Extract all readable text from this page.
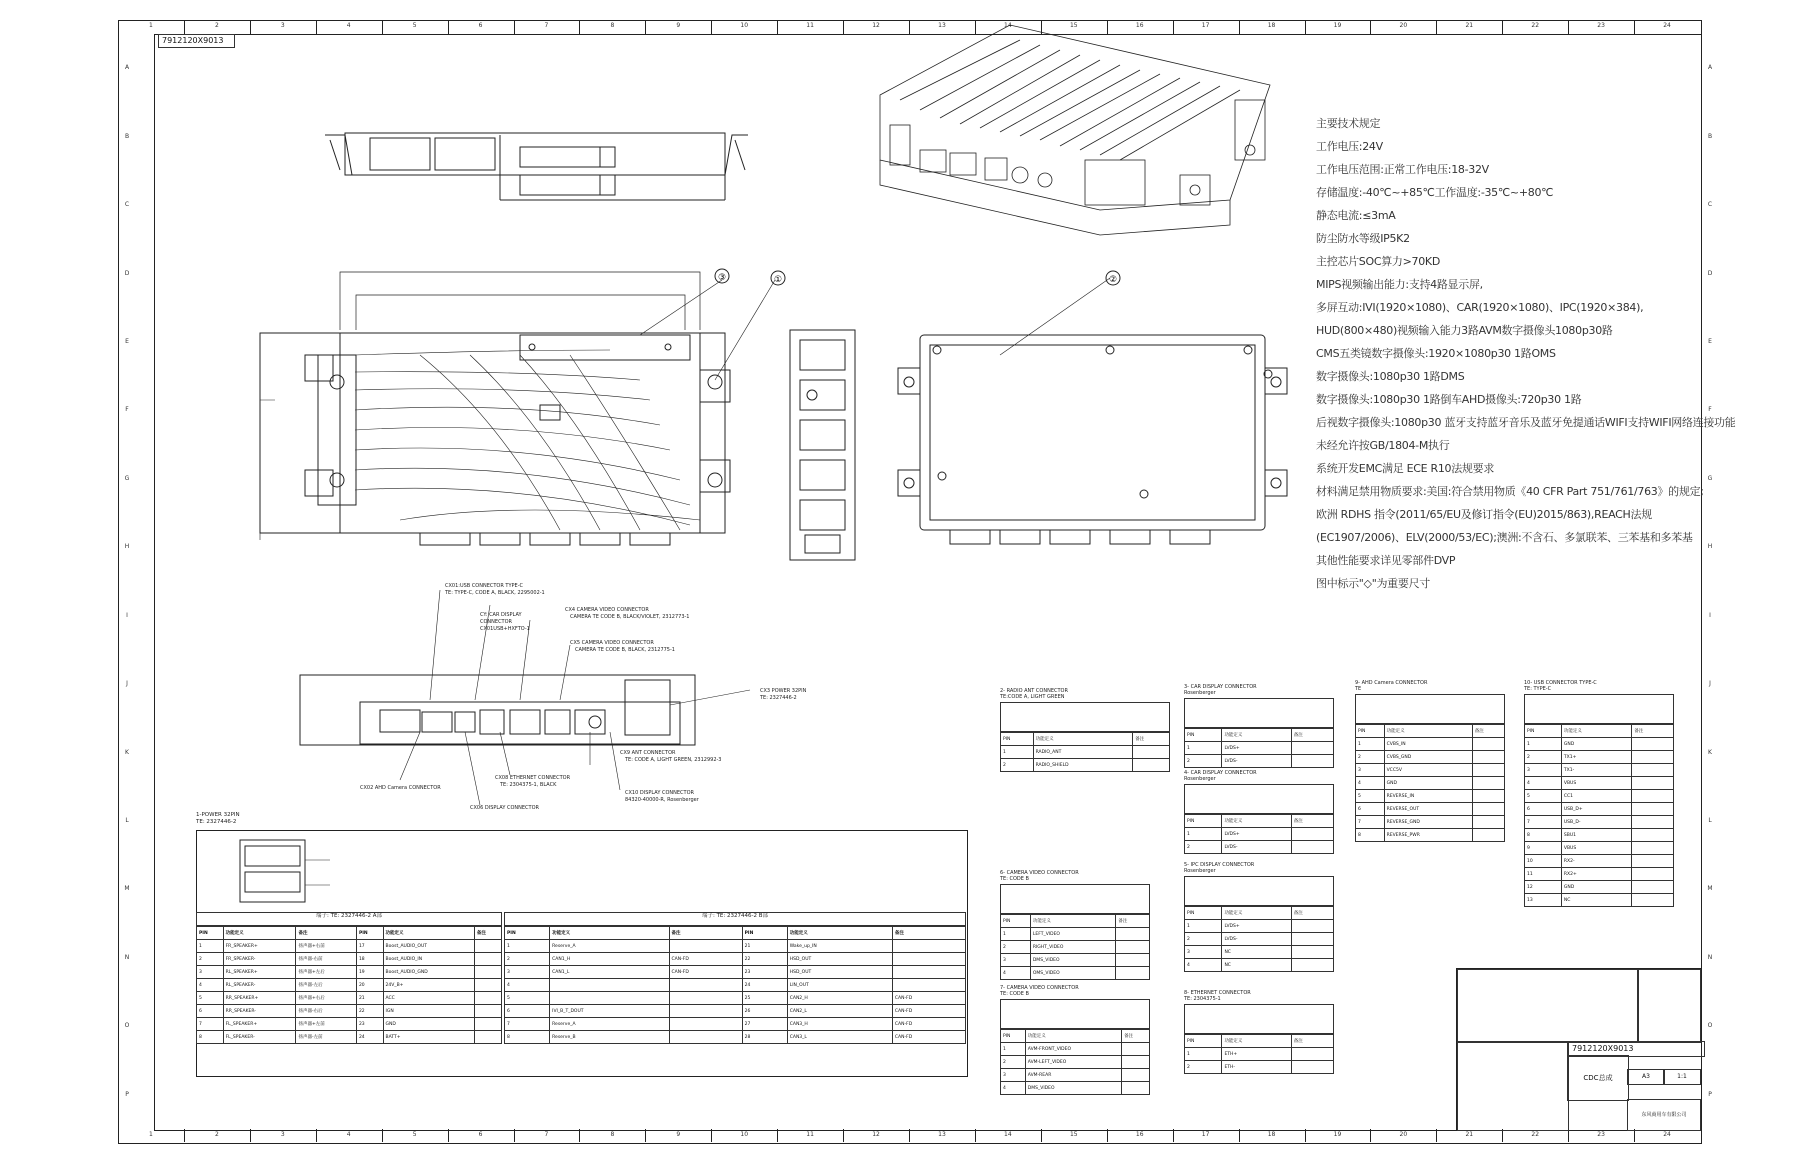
1	2	3	4	5	6	7	8	9	10	11	12	13	14	15	16	17	18	19	20	21	22	23	24
1	2	3	4	5	6	7	8	9	10	11	12	13	14	15	16	17	18	19	20	21	22	23	24
A
B
C
D
E
F
G
H
I
J
K
L
M
N
O
P
A
B
C
D
E
F
G
H
I
J
K
L
M
N
O
P
7912120X9013
③	①	②
CX01:USB CONNECTOR TYPE-C
TE: TYPE-C, CODE A, BLACK, 2295002-1
CY: CAR DISPLAY
CONNECTOR
CX01USB+HXFTO-1
CX4 CAMERA VIDEO CONNECTOR
CAMERA TE CODE B, BLACK/VIOLET, 2312773-1
CX5 CAMERA VIDEO CONNECTOR
CAMERA TE CODE B, BLACK, 2312775-1
CX3 POWER 32PIN
TE: 2327446-2
CX08 ETHERNET CONNECTOR
TE: 2304375-1, BLACK
CX9 ANT CONNECTOR
TE: CODE A, LIGHT GREEN, 2312992-3
CX10 DISPLAY CONNECTOR
84320-40000-R, Rosenberger
CX06 DISPLAY CONNECTOR
CX02 AHD Camera CONNECTOR
主要技术规定
工作电压:24V
工作电压范围:正常工作电压:18-32V
存储温度:-40℃~+85℃工作温度:-35℃~+80℃
静态电流:≤3mA
防尘防水等级IP5K2
主控芯片SOC算力>70KD
MIPS视频输出能力:支持4路显示屏,
多屏互动:IVI(1920×1080)、CAR(1920×1080)、IPC(1920×384),
HUD(800×480)视频输入能力3路AVM数字摄像头1080p30路
CMS五类镜数字摄像头:1920×1080p30 1路OMS
数字摄像头:1080p30 1路DMS
数字摄像头:1080p30 1路倒车AHD摄像头:720p30 1路
后视数字摄像头:1080p30 蓝牙支持蓝牙音乐及蓝牙免提通话WIFI支持WIFI网络连接功能
未经允许按GB/1804-M执行
系统开发EMC满足 ECE R10法规要求
材料满足禁用物质要求:美国:符合禁用物质《40 CFR Part 751/761/763》的规定;
欧洲 RDHS 指令(2011/65/EU及修订指令(EU)2015/863),REACH法规
(EC1907/2006)、ELV(2000/53/EC);澳洲:不含石、多氯联苯、三苯基和多苯基
其他性能要求详见零部件DVP
图中标示"◇"为重要尺寸
1-POWER 32PIN
TE: 2327446-2
端子: TE: 2327446-2 A部
PIN	功能定义	备注	PIN	功能定义	备注
1	FR_SPEAKER+	扬声器+右前	17	Boost_AUDIO_OUT	
2	FR_SPEAKER-	扬声器-右前	18	Boost_AUDIO_IN	
3	RL_SPEAKER+	扬声器+左后	19	Boost_AUDIO_GND	
4	RL_SPEAKER-	扬声器-左后	20	24V_B+	
5	RR_SPEAKER+	扬声器+右后	21	ACC	
6	RR_SPEAKER-	扬声器-右后	22	IGN	
7	FL_SPEAKER+	扬声器+左前	23	GND	
8	FL_SPEAKER-	扬声器-左前	24	BATT+	
端子: TE: 2327446-2 B部
PIN	功能定义	备注	PIN	功能定义	备注
1	Reserve_A		21	Wake_up_IN	
2	CAN1_H	CAN-FD	22	HSD_OUT	
3	CAN1_L	CAN-FD	23	HSD_OUT	
4			24	LIN_OUT	
5			25	CAN2_H	CAN-FD
6	IVI_B_T_DOUT		26	CAN2_L	CAN-FD
7	Reserve_A		27	CAN3_H	CAN-FD
8	Reserve_B		28	CAN3_L	CAN-FD
2- RADIO ANT CONNECTOR
TE:CODE A, LIGHT GREEN
PIN	功能定义	备注
1	RADIO_ANT	
2	RADIO_SHIELD	
3- CAR DISPLAY CONNECTOR
Rosenberger
PIN	功能定义	备注
1	LVDS+	
2	LVDS-	
4- CAR DISPLAY CONNECTOR
Rosenberger
PIN	功能定义	备注
1	LVDS+	
2	LVDS-	
5- IPC DISPLAY CONNECTOR
Rosenberger
PIN	功能定义	备注
1	LVDS+	
2	LVDS-	
3	NC	
4	NC	
6- CAMERA VIDEO CONNECTOR
TE: CODE B
PIN	功能定义	备注
1	LEFT_VIDEO	
2	RIGHT_VIDEO	
3	DMS_VIDEO	
4	OMS_VIDEO	
7- CAMERA VIDEO CONNECTOR
TE: CODE B
PIN	功能定义	备注
1	AVM-FRONT_VIDEO	
2	AVM-LEFT_VIDEO	
3	AVM-REAR	
4	DMS_VIDEO	
8- ETHERNET CONNECTOR
TE: 2304375-1
PIN	功能定义	备注
1	ETH+	
2	ETH-	
9- AHD Camera CONNECTOR
TE
PIN	功能定义	备注
1	CVBS_IN	
2	CVBS_GND	
3	VCC5V	
4	GND	
5	REVERSE_IN	
6	REVERSE_OUT	
7	REVERSE_GND	
8	REVERSE_PWR	
10- USB CONNECTOR TYPE-C
TE: TYPE-C
PIN	功能定义	备注
1	GND	
2	TX1+	
3	TX1-	
4	VBUS	
5	CC1	
6	USB_D+	
7	USB_D-	
8	SBU1	
9	VBUS	
10	RX2-	
11	RX2+	
12	GND	
13	NC	
7912120X9013
CDC总成	A3	1:1
东风商用车有限公司
